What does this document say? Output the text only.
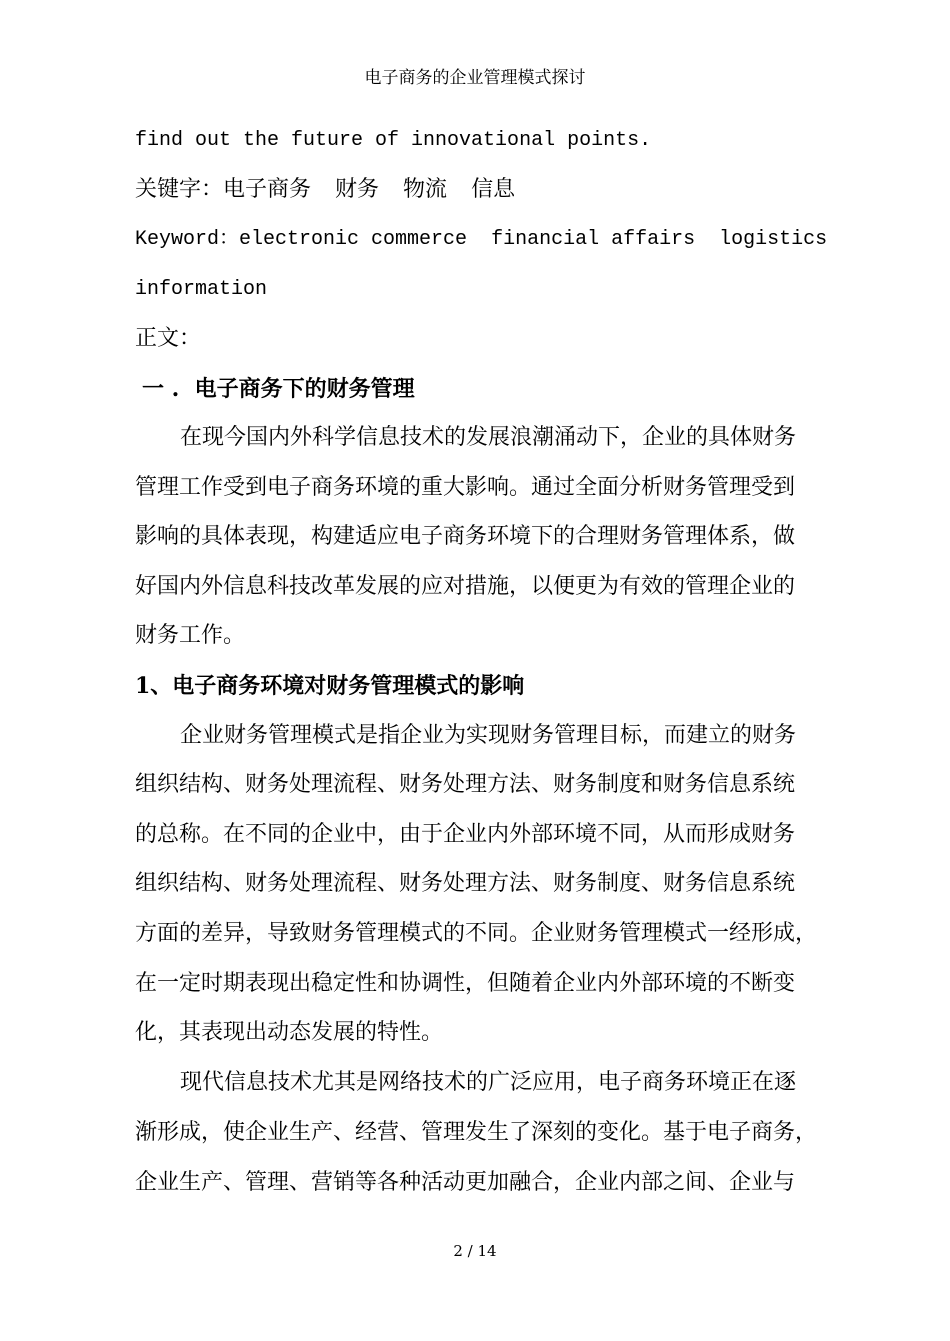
电子商务的企业管理模式探讨
find out the future of innovational points.
关键字：电子商务 财务 物流 信息
Keyword：electronic commerce financial affairs logistics
information
正文：
一 .  电子商务下的财务管理
在现今国内外科学信息技术的发展浪潮涌动下，企业的具体财务
管理工作受到电子商务环境的重大影响。通过全面分析财务管理受到
影响的具体表现，构建适应电子商务环境下的合理财务管理体系，做
好国内外信息科技改革发展的应对措施，以便更为有效的管理企业的
财务工作。
1、电子商务环境对财务管理模式的影响
企业财务管理模式是指企业为实现财务管理目标，而建立的财务
组织结构、财务处理流程、财务处理方法、财务制度和财务信息系统
的总称。在不同的企业中，由于企业内外部环境不同，从而形成财务
组织结构、财务处理流程、财务处理方法、财务制度、财务信息系统
方面的差异，导致财务管理模式的不同。企业财务管理模式一经形成，
在一定时期表现出稳定性和协调性，但随着企业内外部环境的不断变
化，其表现出动态发展的特性。
现代信息技术尤其是网络技术的广泛应用，电子商务环境正在逐
渐形成，使企业生产、经营、管理发生了深刻的变化。基于电子商务，
企业生产、管理、营销等各种活动更加融合，企业内部之间、企业与
2 / 14
